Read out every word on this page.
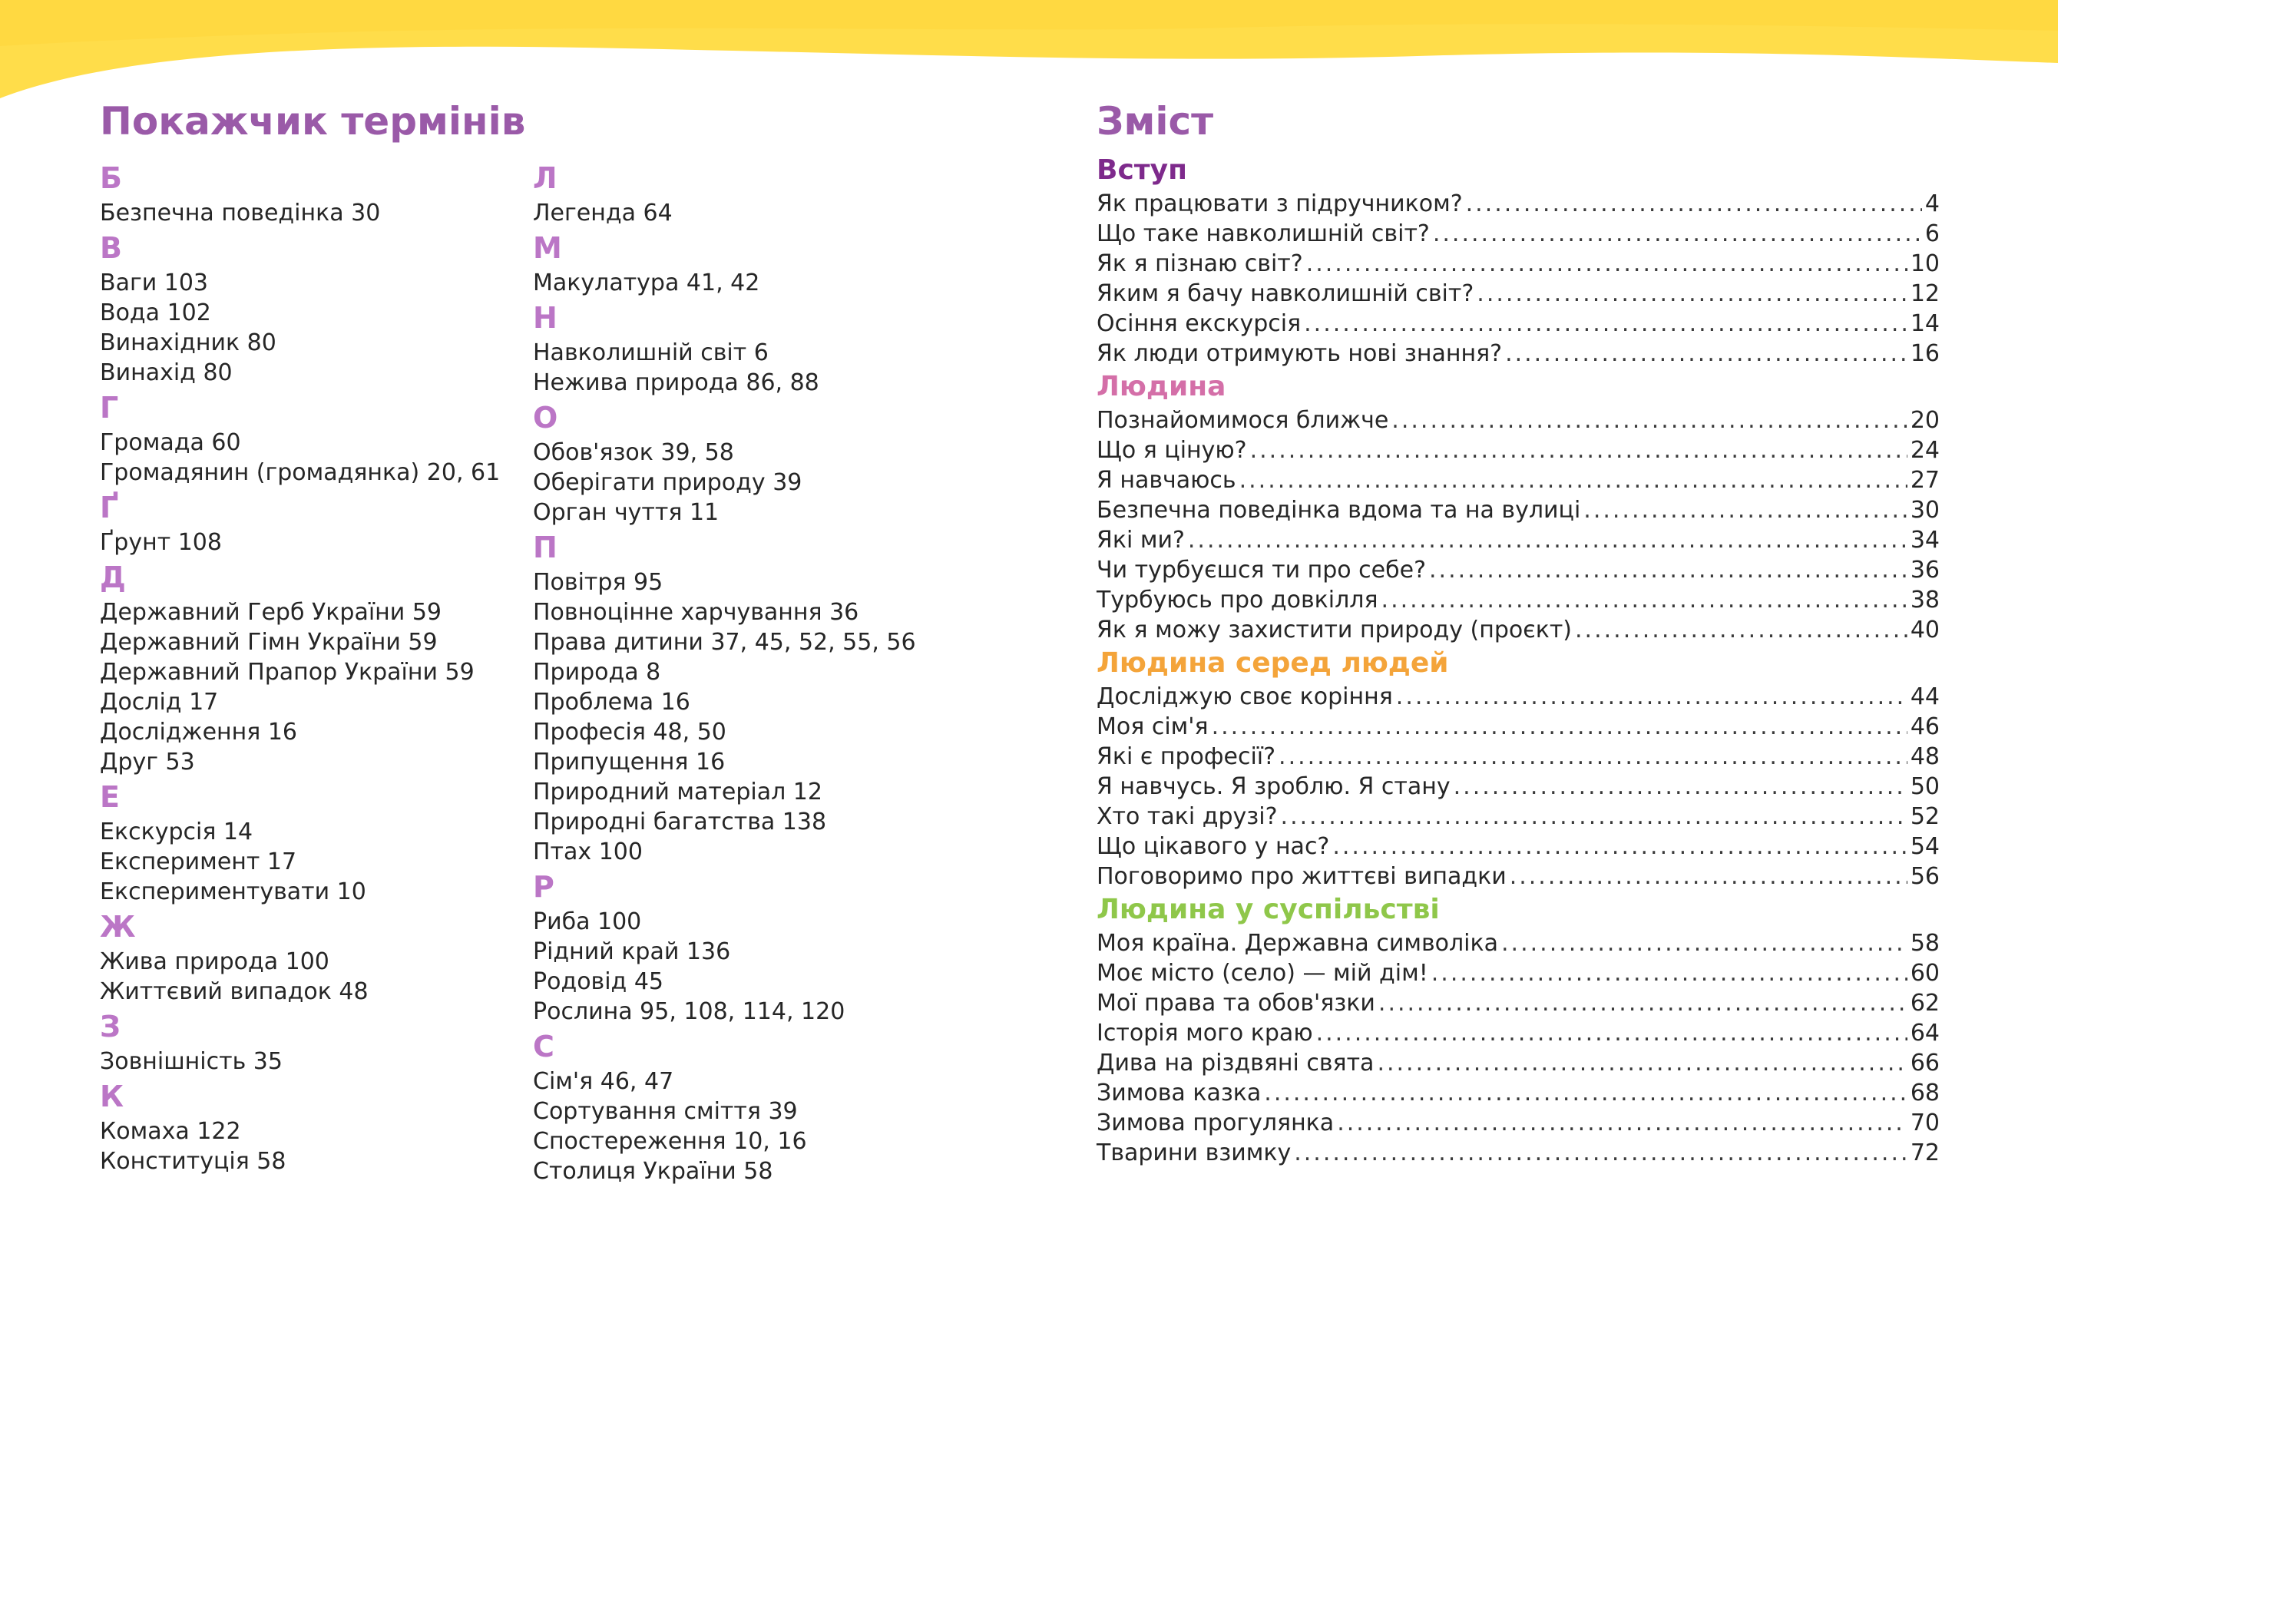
Покажчик термінів
Б
Безпечна поведінка 30
В
Ваги 103
Вода 102
Винахідник 80
Винахід 80
Г
Громада 60
Громадянин (громадянка) 20, 61
Ґ
Ґрунт 108
Д
Державний Герб України 59
Державний Гімн України 59
Державний Прапор України 59
Дослід 17
Дослідження 16
Друг 53
Е
Екскурсія 14
Експеримент 17
Експериментувати 10
Ж
Жива природа 100
Життєвий випадок 48
З
Зовнішність 35
К
Комаха 122
Конституція 58
Л
Легенда 64
М
Макулатура 41, 42
Н
Навколишній світ 6
Нежива природа 86, 88
О
Обов'язок 39, 58
Оберігати природу 39
Орган чуття 11
П
Повітря 95
Повноцінне харчування 36
Права дитини 37, 45, 52, 55, 56
Природа 8
Проблема 16
Професія 48, 50
Припущення 16
Природний матеріал 12
Природні багатства 138
Птах 100
Р
Риба 100
Рідний край 136
Родовід 45
Рослина 95, 108, 114, 120
С
Сім'я 46, 47
Сортування сміття 39
Спостереження 10, 16
Столиця України 58
Зміст
Вступ
Як працювати з підручником? .....	4
Що таке навколишній світ? .....	6
Як я пізнаю світ? .....	10
Яким я бачу навколишній світ? .....	12
Осіння екскурсія .....	14
Як люди отримують нові знання? .....	16
Людина
Познайомимося ближче .....	20
Що я ціную? .....	24
Я навчаюсь .....	27
Безпечна поведінка вдома та на вулиці .....	30
Які ми? .....	34
Чи турбуєшся ти про себе? .....	36
Турбуюсь про довкілля .....	38
Як я можу захистити природу (проєкт) .....	40
Людина серед людей
Досліджую своє коріння .....	44
Моя сім'я .....	46
Які є професії? .....	48
Я навчусь. Я зроблю. Я стану .....	50
Хто такі друзі? .....	52
Що цікавого у нас? .....	54
Поговоримо про життєві випадки .....	56
Людина у суспільстві
Моя країна. Державна символіка .....	58
Моє місто (село) — мій дім! .....	60
Мої права та обов'язки .....	62
Історія мого краю .....	64
Дива на різдвяні свята .....	66
Зимова казка .....	68
Зимова прогулянка .....	70
Тварини взимку .....	72
